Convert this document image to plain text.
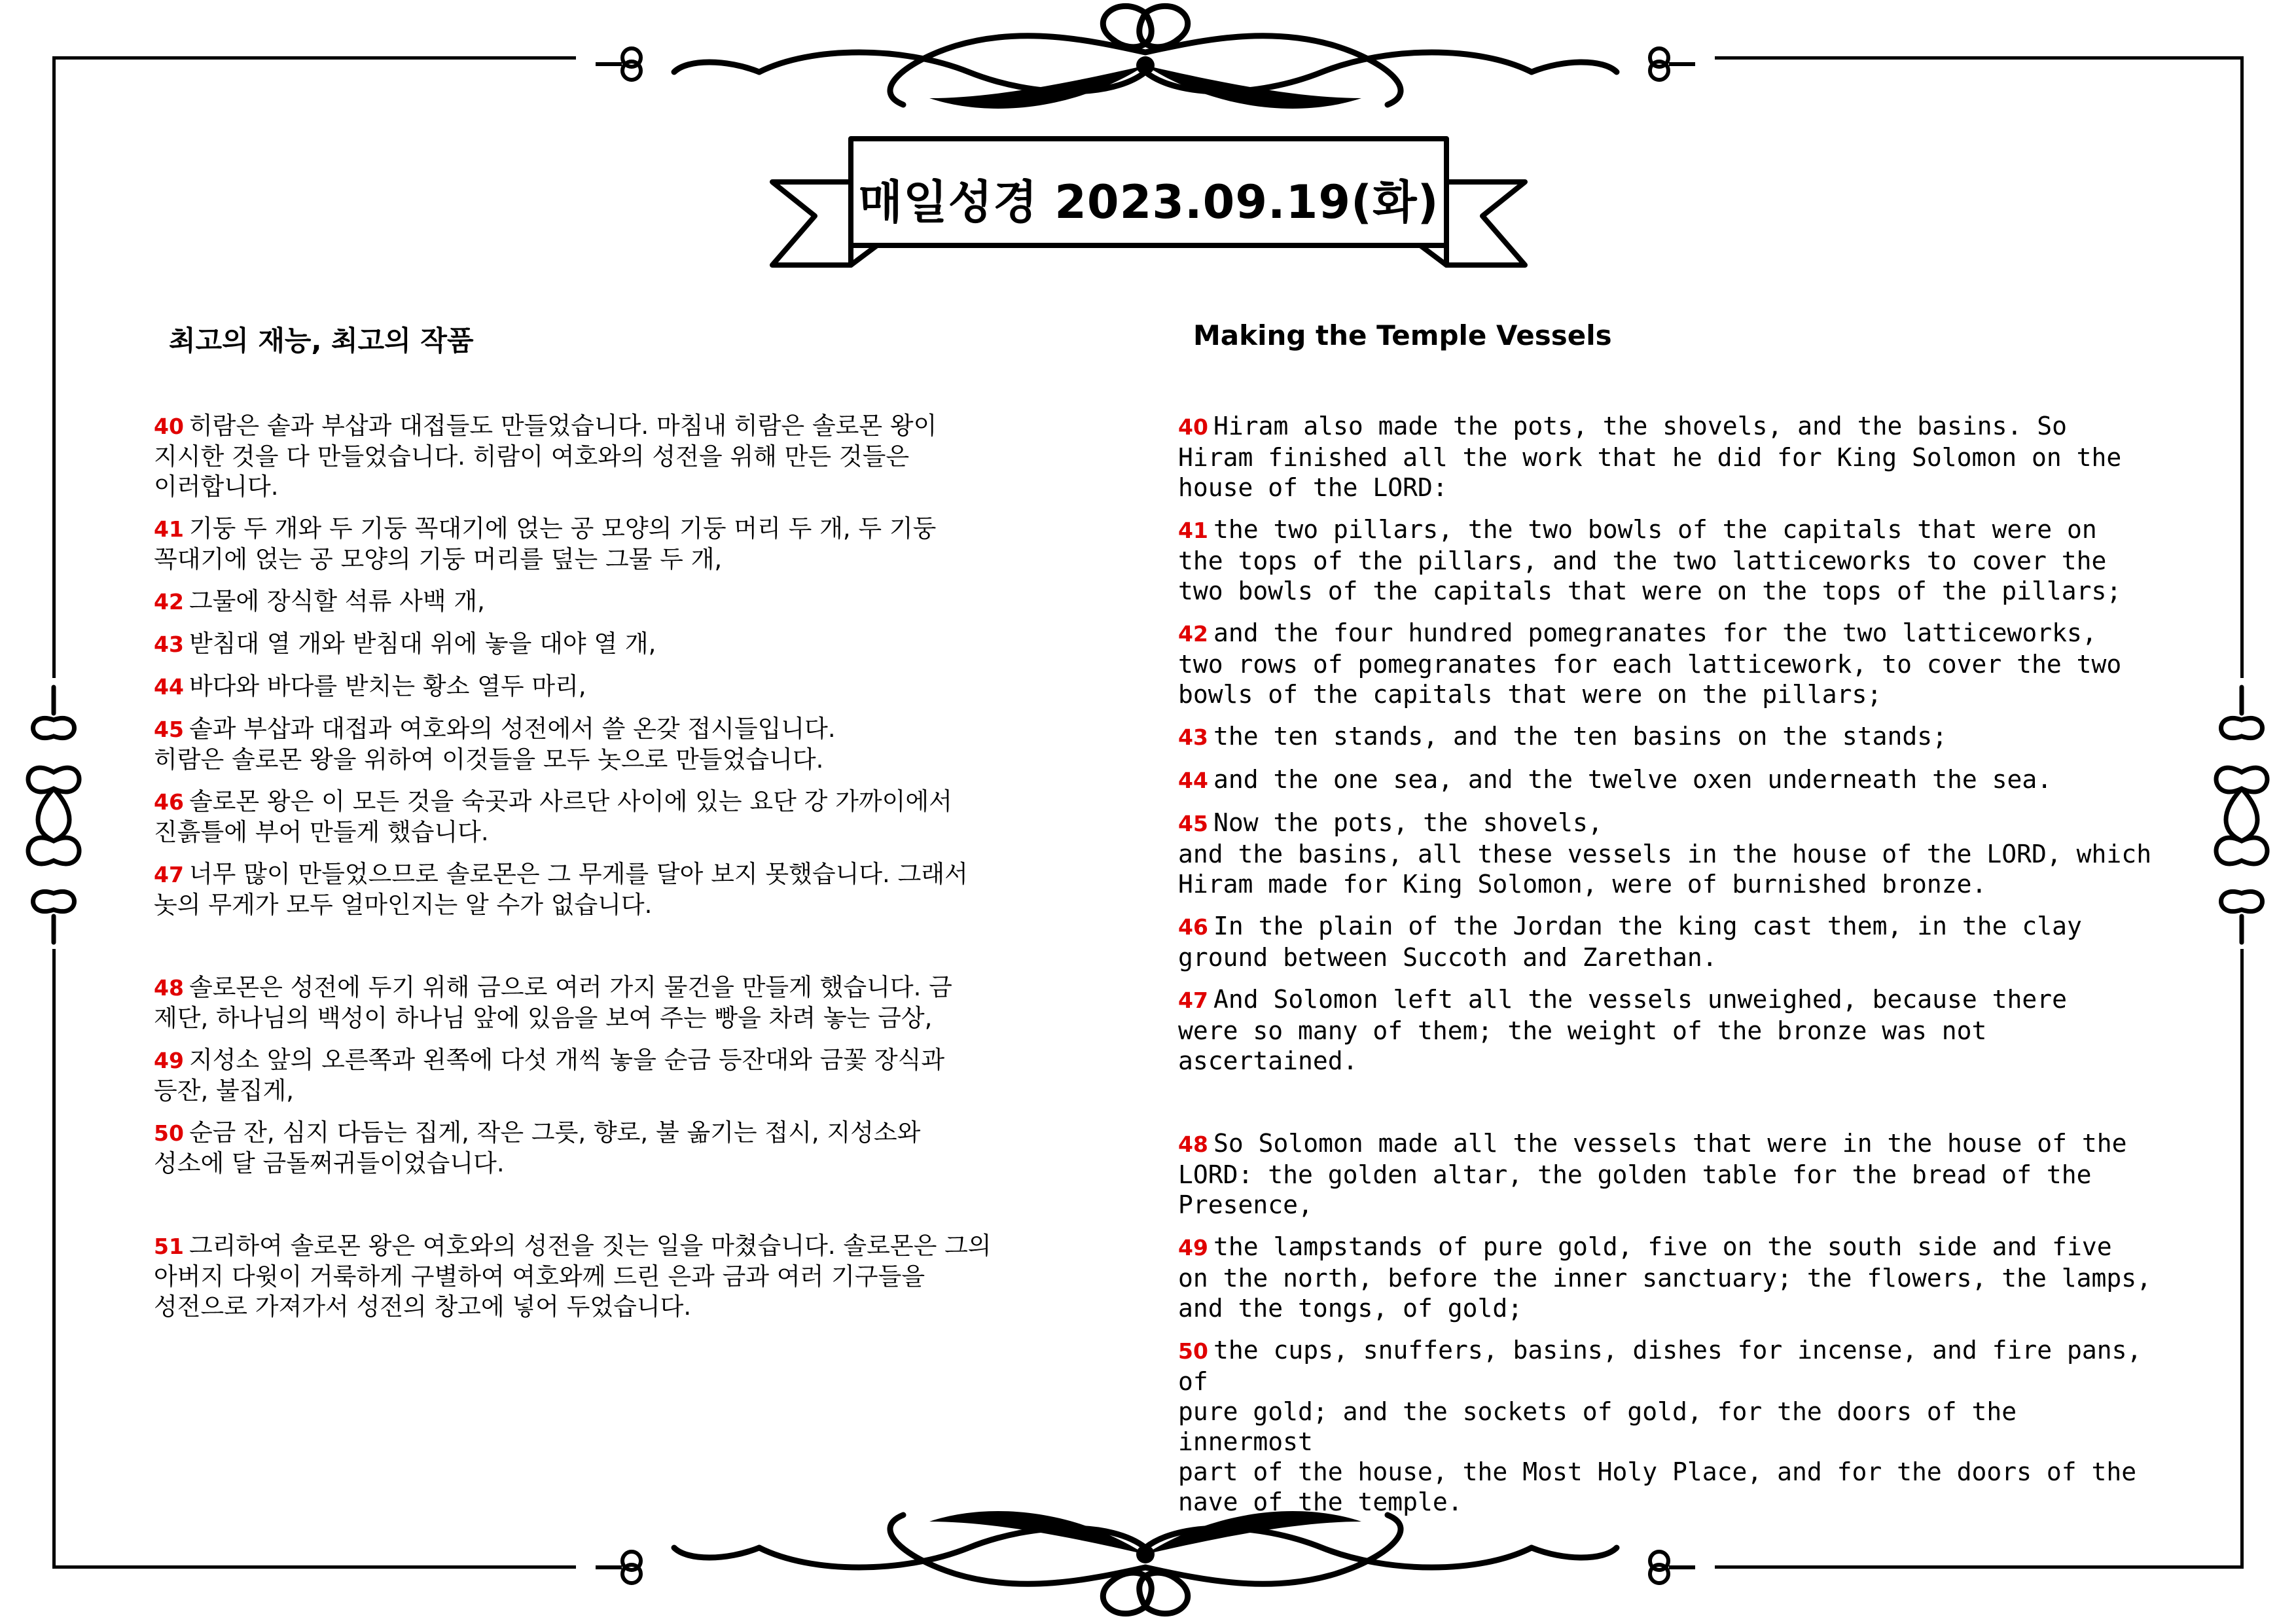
매일성경 2023.09.19(화)
최고의 재능, 최고의 작품	Making the Temple Vessels

40 히람은 솥과 부삽과 대접들도 만들었습니다. 마침내 히람은 솔로몬 왕이
지시한 것을 다 만들었습니다. 히람이 여호와의 성전을 위해 만든 것들은
이러합니다.

41 기둥 두 개와 두 기둥 꼭대기에 얹는 공 모양의 기둥 머리 두 개, 두 기둥
꼭대기에 얹는 공 모양의 기둥 머리를 덮는 그물 두 개,

42 그물에 장식할 석류 사백 개,

43 받침대 열 개와 받침대 위에 놓을 대야 열 개,

44 바다와 바다를 받치는 황소 열두 마리,

45 솥과 부삽과 대접과 여호와의 성전에서 쓸 온갖 접시들입니다.
히람은 솔로몬 왕을 위하여 이것들을 모두 놋으로 만들었습니다.

46 솔로몬 왕은 이 모든 것을 숙곳과 사르단 사이에 있는 요단 강 가까이에서
진흙틀에 부어 만들게 했습니다.

47 너무 많이 만들었으므로 솔로몬은 그 무게를 달아 보지 못했습니다. 그래서
놋의 무게가 모두 얼마인지는 알 수가 없습니다.

48 솔로몬은 성전에 두기 위해 금으로 여러 가지 물건을 만들게 했습니다. 금
제단, 하나님의 백성이 하나님 앞에 있음을 보여 주는 빵을 차려 놓는 금상,

49 지성소 앞의 오른쪽과 왼쪽에 다섯 개씩 놓을 순금 등잔대와 금꽃 장식과
등잔, 불집게,

50 순금 잔, 심지 다듬는 집게, 작은 그릇, 향로, 불 옮기는 접시, 지성소와
성소에 달 금돌쩌귀들이었습니다.

51 그리하여 솔로몬 왕은 여호와의 성전을 짓는 일을 마쳤습니다. 솔로몬은 그의
아버지 다윗이 거룩하게 구별하여 여호와께 드린 은과 금과 여러 기구들을
성전으로 가져가서 성전의 창고에 넣어 두었습니다.

40 Hiram also made the pots, the shovels, and the basins. So
Hiram finished all the work that he did for King Solomon on the
house of the LORD:

41 the two pillars, the two bowls of the capitals that were on
the tops of the pillars, and the two latticeworks to cover the
two bowls of the capitals that were on the tops of the pillars;

42 and the four hundred pomegranates for the two latticeworks,
two rows of pomegranates for each latticework, to cover the two
bowls of the capitals that were on the pillars;

43 the ten stands, and the ten basins on the stands;

44 and the one sea, and the twelve oxen underneath the sea.

45 Now the pots, the shovels,
and the basins, all these vessels in the house of the LORD, which
Hiram made for King Solomon, were of burnished bronze.

46 In the plain of the Jordan the king cast them, in the clay
ground between Succoth and Zarethan.

47 And Solomon left all the vessels unweighed, because there
were so many of them; the weight of the bronze was not
ascertained.

48 So Solomon made all the vessels that were in the house of the
LORD: the golden altar, the golden table for the bread of the
Presence,

49 the lampstands of pure gold, five on the south side and five
on the north, before the inner sanctuary; the flowers, the lamps,
and the tongs, of gold;

50 the cups, snuffers, basins, dishes for incense, and fire pans, of
pure gold; and the sockets of gold, for the doors of the innermost
part of the house, the Most Holy Place, and for the doors of the
nave of the temple.
